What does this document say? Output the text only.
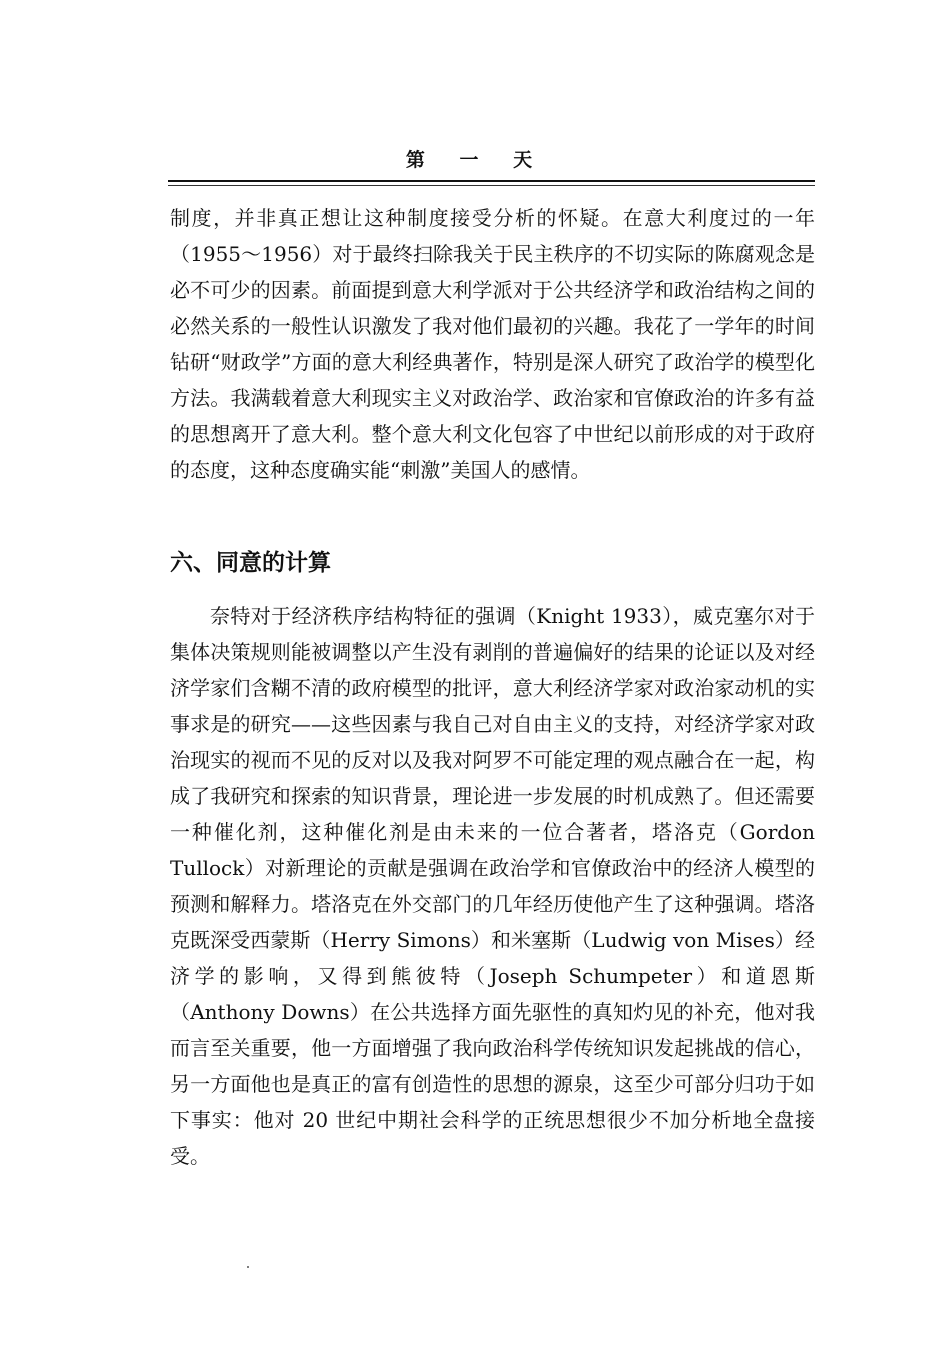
第 一 天

制度，并非真正想让这种制度接受分析的怀疑。在意大利度过的一年（1955～1956）对于最终扫除我关于民主秩序的不切实际的陈腐观念是必不可少的因素。前面提到意大利学派对于公共经济学和政治结构之间的必然关系的一般性认识激发了我对他们最初的兴趣。我花了一学年的时间钻研“财政学”方面的意大利经典著作，特别是深人研究了政治学的模型化方法。我满载着意大利现实主义对政治学、政治家和官僚政治的许多有益的思想离开了意大利。整个意大利文化包容了中世纪以前形成的对于政府的态度，这种态度确实能“刺激”美国人的感情。

六、同意的计算

奈特对于经济秩序结构特征的强调（Knight 1933），威克塞尔对于集体决策规则能被调整以产生没有剥削的普遍偏好的结果的论证以及对经济学家们含糊不清的政府模型的批评，意大利经济学家对政治家动机的实事求是的研究——这些因素与我自己对自由主义的支持，对经济学家对政治现实的视而不见的反对以及我对阿罗不可能定理的观点融合在一起，构成了我研究和探索的知识背景，理论进一步发展的时机成熟了。但还需要一种催化剂，这种催化剂是由未来的一位合著者，塔洛克（Gordon Tullock）对新理论的贡献是强调在政治学和官僚政治中的经济人模型的预测和解释力。塔洛克在外交部门的几年经历使他产生了这种强调。塔洛克既深受西蒙斯（Herry Simons）和米塞斯（Ludwig von Mises）经济学的影响，又得到熊彼特（Joseph Schumpeter）和道恩斯（Anthony Downs）在公共选择方面先驱性的真知灼见的补充，他对我而言至关重要，他一方面增强了我向政治科学传统知识发起挑战的信心，另一方面他也是真正的富有创造性的思想的源泉，这至少可部分归功于如下事实：他对 20 世纪中期社会科学的正统思想很少不加分析地全盘接受。
